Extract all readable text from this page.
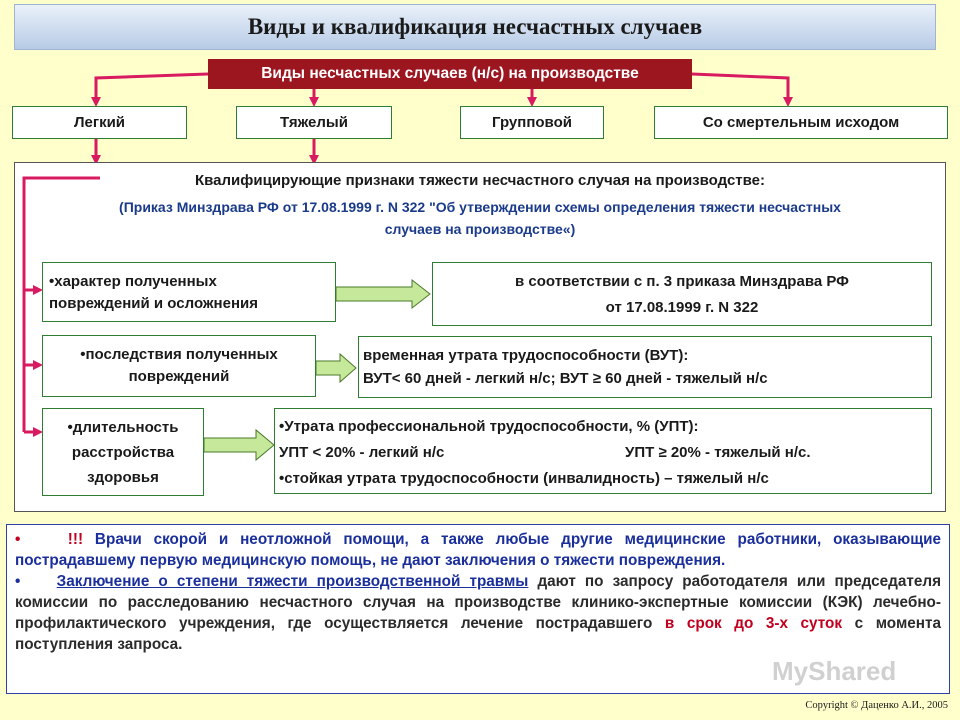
Виды и квалификация несчастных случаев
Виды несчастных случаев (н/с) на производстве
Легкий	Тяжелый	Групповой	Со смертельным исходом
Квалифицирующие признаки тяжести несчастного случая на производстве:
(Приказ Минздрава РФ от 17.08.1999 г. N 322 "Об утверждении схемы определения тяжести несчастных
случаев на производстве«)
•характер полученных
повреждений и осложнения
в соответствии с п. 3 приказа Минздрава РФ
от 17.08.1999 г. N 322
•последствия полученных
повреждений
временная утрата трудоспособности (ВУТ):
ВУТ< 60 дней - легкий н/с; ВУТ ≥ 60 дней - тяжелый н/с
•длительность
расстройства
здоровья
•Утрата профессиональной трудоспособности, % (УПТ):
УПТ < 20% - легкий н/с	УПТ ≥ 20% - тяжелый н/с.
•стойкая утрата трудоспособности (инвалидность) – тяжелый н/с

•	!!! Врачи скорой и неотложной помощи, а также любые другие медицинские работники, оказывающие пострадавшему первую медицинскую помощь, не дают заключения о тяжести повреждения.

• Заключение о степени тяжести производственной травмы дают по запросу работодателя или председателя комиссии по расследованию несчастного случая на производстве клинико-экспертные комиссии (КЭК) лечебно-профилактического учреждения, где осуществляется лечение пострадавшего в срок до 3-х суток с момента поступления запроса.

MyShared
Copyright © Даценко А.И., 2005
